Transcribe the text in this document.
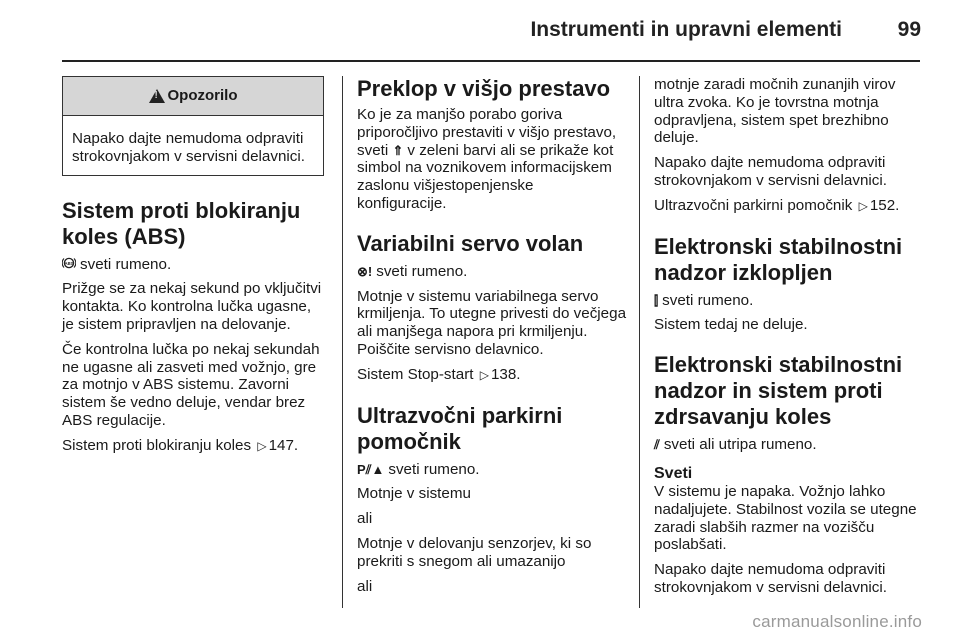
Instrumenti in upravni elementi	99
!
Opozorilo
Napako dajte nemudoma odpraviti strokovnjakom v servisni delavnici.
Sistem proti blokiranju koles (ABS)

ABS sveti rumeno.

Prižge se za nekaj sekund po vključitvi kontakta. Ko kontrolna lučka ugasne, je sistem pripravljen na delovanje.

Če kontrolna lučka po nekaj sekundah ne ugasne ali zasveti med vožnjo, gre za motnjo v ABS sistemu. Zavorni sistem še vedno deluje, vendar brez ABS regulacije.

Sistem proti blokiranju koles ▷ 147.

Preklop v višjo prestavo

Ko je za manjšo porabo goriva priporočljivo prestaviti v višjo prestavo, sveti ⇑ v zeleni barvi ali se prikaže kot simbol na voznikovem informacijskem zaslonu višjestopenjenske konfiguracije.

Variabilni servo volan

⊗! sveti rumeno.

Motnje v sistemu variabilnega servo krmiljenja. To utegne privesti do večjega ali manjšega napora pri krmiljenju. Poiščite servisno delavnico.

Sistem Stop-start ▷ 138.

Ultrazvočni parkirni pomočnik

P⫽▲ sveti rumeno.

Motnje v sistemu

ali

Motnje v delovanju senzorjev, ki so prekriti s snegom ali umazanijo

ali

motnje zaradi močnih zunanjih virov ultra zvoka. Ko je tovrstna motnja odpravljena, sistem spet brezhibno deluje.

Napako dajte nemudoma odpraviti strokovnjakom v servisni delavnici.

Ultrazvočni parkirni pomočnik ▷ 152.

Elektronski stabilnostni nadzor izklopljen

⫿ sveti rumeno.

Sistem tedaj ne deluje.

Elektronski stabilnostni nadzor in sistem proti zdrsavanju koles

⫽ sveti ali utripa rumeno.

Sveti

V sistemu je napaka. Vožnjo lahko nadaljujete. Stabilnost vozila se utegne zaradi slabših razmer na vozišču poslabšati.

Napako dajte nemudoma odpraviti strokovnjakom v servisni delavnici.

carmanualsonline.info
